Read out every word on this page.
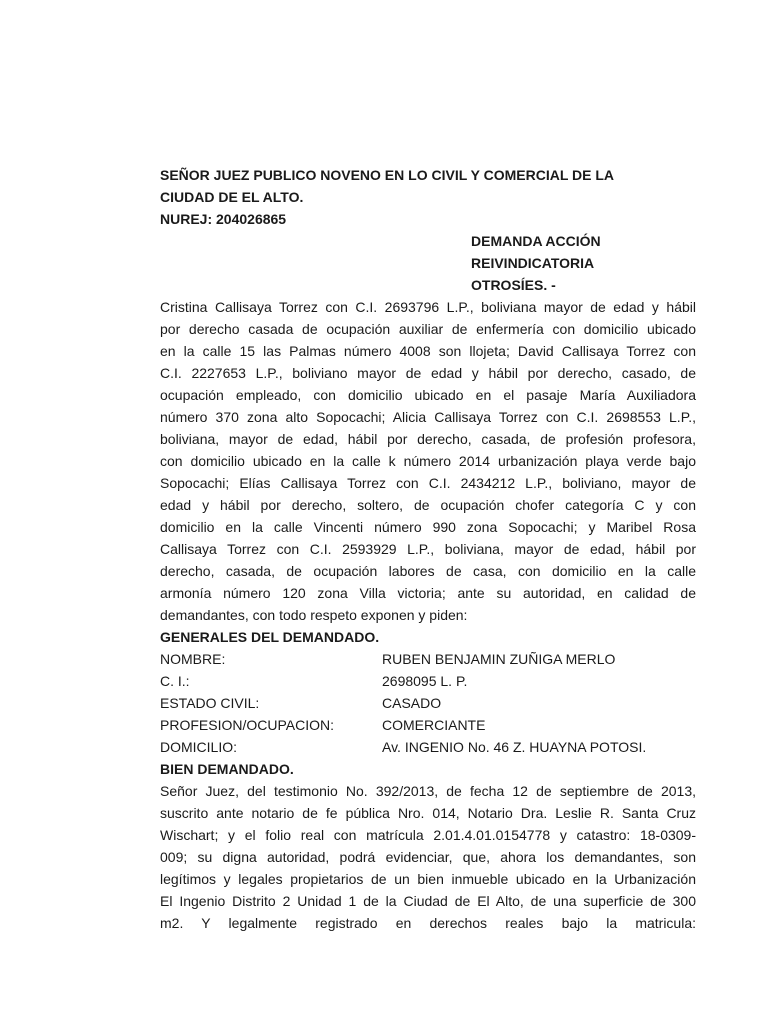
SEÑOR JUEZ PUBLICO NOVENO EN LO CIVIL Y COMERCIAL DE LA
CIUDAD DE EL ALTO.
NUREJ: 204026865
DEMANDA ACCIÓN
REIVINDICATORIA
OTROSÍES. -
Cristina Callisaya Torrez con C.I. 2693796 L.P., boliviana mayor de edad y hábil
por derecho casada de ocupación auxiliar de enfermería con domicilio ubicado
en la calle 15 las Palmas número 4008 son llojeta; David Callisaya Torrez con
C.I. 2227653 L.P., boliviano mayor de edad y hábil por derecho, casado, de
ocupación empleado, con domicilio ubicado en el pasaje María Auxiliadora
número 370 zona alto Sopocachi; Alicia Callisaya Torrez con C.I. 2698553 L.P.,
boliviana, mayor de edad, hábil por derecho, casada, de profesión profesora,
con domicilio ubicado en la calle k número 2014 urbanización playa verde bajo
Sopocachi; Elías Callisaya Torrez con C.I. 2434212 L.P., boliviano, mayor de
edad y hábil por derecho, soltero, de ocupación chofer categoría C y con
domicilio en la calle Vincenti número 990 zona Sopocachi; y Maribel Rosa
Callisaya Torrez con C.I. 2593929 L.P., boliviana, mayor de edad, hábil por
derecho, casada, de ocupación labores de casa, con domicilio en la calle
armonía número 120 zona Villa victoria; ante su autoridad, en calidad de
demandantes, con todo respeto exponen y piden:
GENERALES DEL DEMANDADO.
NOMBRE:	RUBEN BENJAMIN ZUÑIGA MERLO
C. I.:	2698095 L. P.
ESTADO CIVIL:	CASADO
PROFESION/OCUPACION:	COMERCIANTE
DOMICILIO:	Av. INGENIO No. 46 Z. HUAYNA POTOSI.
BIEN DEMANDADO.
Señor Juez, del testimonio No. 392/2013, de fecha 12 de septiembre de 2013,
suscrito ante notario de fe pública Nro. 014, Notario Dra. Leslie R. Santa Cruz
Wischart; y el folio real con matrícula 2.01.4.01.0154778 y catastro: 18-0309-
009; su digna autoridad, podrá evidenciar, que, ahora los demandantes, son
legítimos y legales propietarios de un bien inmueble ubicado en la Urbanización
El Ingenio Distrito 2 Unidad 1 de la Ciudad de El Alto, de una superficie de 300
m2. Y legalmente registrado en derechos reales bajo la matricula:
